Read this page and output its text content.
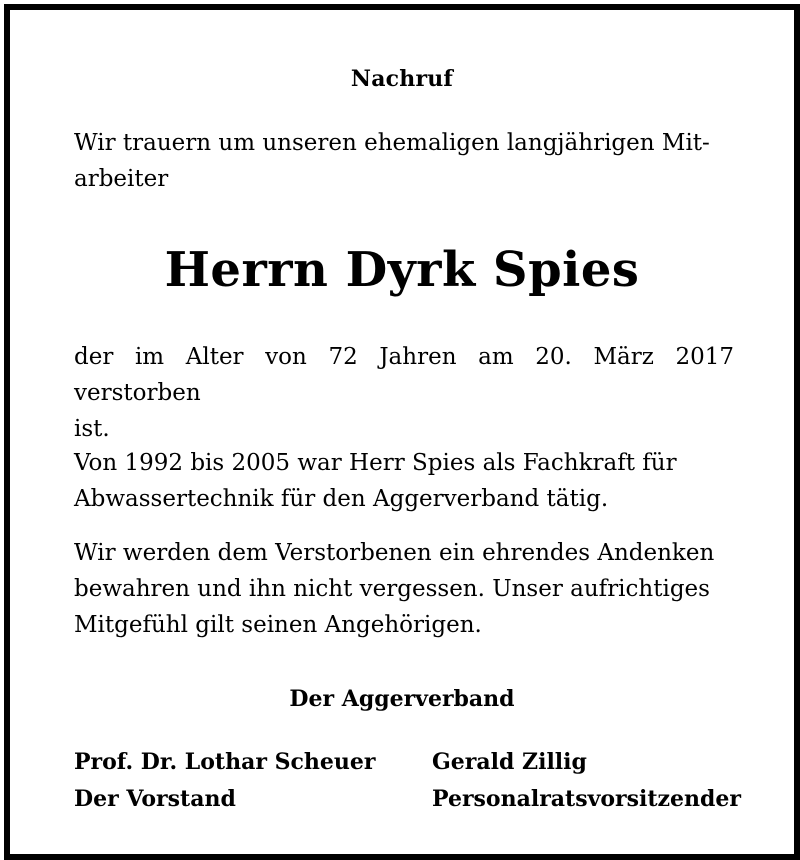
Nachruf
Wir trauern um unseren ehemaligen langjährigen Mit-
arbeiter
Herrn Dyrk Spies
der im Alter von 72 Jahren am 20. März 2017 verstorben
ist.
Von 1992 bis 2005 war Herr Spies als Fachkraft für
Abwassertechnik für den Aggerverband tätig.
Wir werden dem Verstorbenen ein ehrendes Andenken
bewahren und ihn nicht vergessen. Unser aufrichtiges
Mitgefühl gilt seinen Angehörigen.
Der Aggerverband
Prof. Dr. Lothar Scheuer
Der Vorstand
Gerald Zillig
Personalratsvorsitzender
